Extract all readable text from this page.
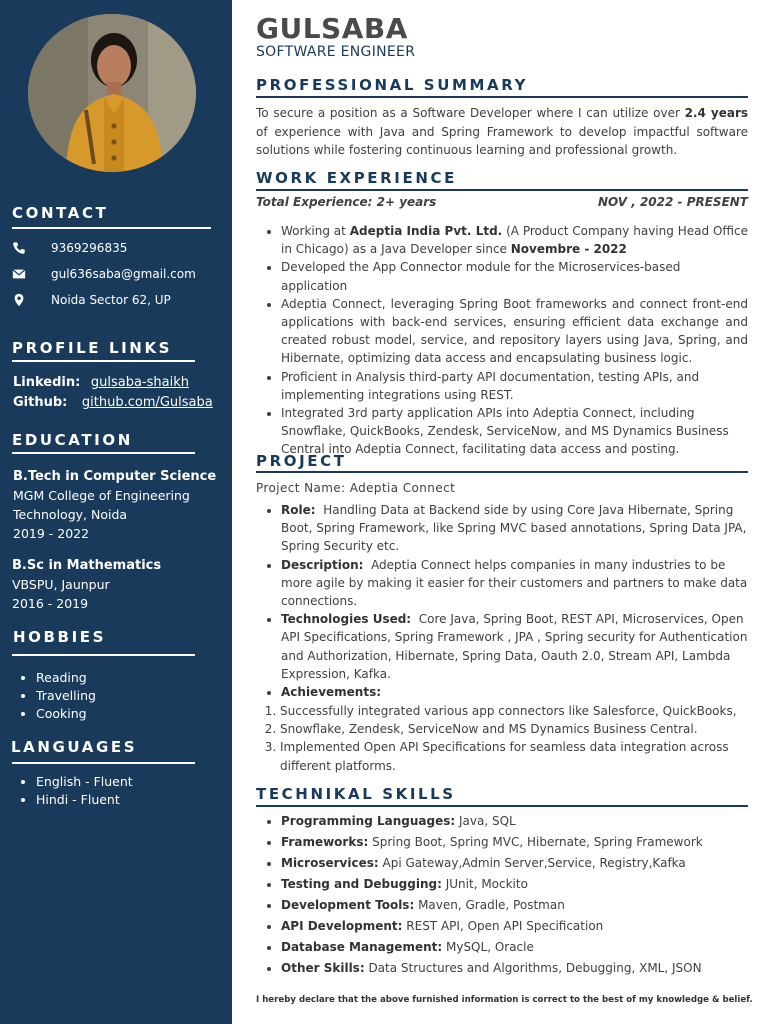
CONTACT
9369296835
gul636saba@gmail.com
Noida Sector 62, UP
PROFILE LINKS
Linkedin: gulsaba-shaikh
Github: github.com/Gulsaba
EDUCATION
B.Tech in Computer Science
MGM College of Engineering
Technology, Noida
2019 - 2022
B.Sc in Mathematics
VBSPU, Jaunpur
2016 - 2019
HOBBIES
• Reading
• Travelling
• Cooking
LANGUAGES
• English - Fluent
• Hindi - Fluent
GULSABA
SOFTWARE ENGINEER
PROFESSIONAL SUMMARY

To secure a position as a Software Developer where I can utilize over 2.4 years of experience with Java and Spring Framework to develop impactful software solutions while fostering continuous learning and professional growth.

WORK EXPERIENCE
Total Experience: 2+ years	NOV , 2022 - PRESENT
• Working at Adeptia India Pvt. Ltd. (A Product Company having Head Office in Chicago) as a Java Developer since Novembre - 2022
• Developed the App Connector module for the Microservices-based application
• Adeptia Connect, leveraging Spring Boot frameworks and connect front-end applications with back-end services, ensuring efficient data exchange and created robust model, service, and repository layers using Java, Spring, and Hibernate, optimizing data access and encapsulating business logic.
• Proficient in Analysis third-party API documentation, testing APIs, and implementing integrations using REST.
• Integrated 3rd party application APIs into Adeptia Connect, including Snowflake, QuickBooks, Zendesk, ServiceNow, and MS Dynamics Business Central into Adeptia Connect, facilitating data access and posting.
PROJECT
Project Name: Adeptia Connect
• Role: Handling Data at Backend side by using Core Java Hibernate, Spring Boot, Spring Framework, like Spring MVC based annotations, Spring Data JPA, Spring Security etc.
• Description: Adeptia Connect helps companies in many industries to be more agile by making it easier for their customers and partners to make data connections.
• Technologies Used: Core Java, Spring Boot, REST API, Microservices, Open API Specifications, Spring Framework , JPA , Spring security for Authentication and Authorization, Hibernate, Spring Data, Oauth 2.0, Stream API, Lambda Expression, Kafka.
• Achievements:
1. Successfully integrated various app connectors like Salesforce, QuickBooks,
2. Snowflake, Zendesk, ServiceNow and MS Dynamics Business Central.
3. Implemented Open API Specifications for seamless data integration across different platforms.
TECHNIKAL SKILLS
• Programming Languages: Java, SQL
• Frameworks: Spring Boot, Spring MVC, Hibernate, Spring Framework
• Microservices: Api Gateway,Admin Server,Service, Registry,Kafka
• Testing and Debugging: JUnit, Mockito
• Development Tools: Maven, Gradle, Postman
• API Development: REST API, Open API Specification
• Database Management: MySQL, Oracle
• Other Skills: Data Structures and Algorithms, Debugging, XML, JSON
I hereby declare that the above furnished information is correct to the best of my knowledge & belief.
